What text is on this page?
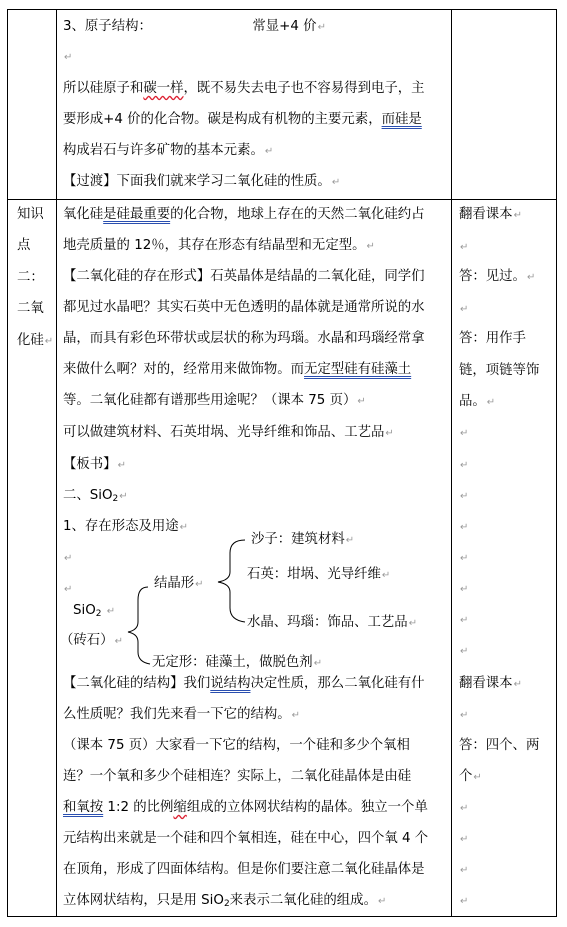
3、原子结构：	常显+4 价↵
↵
所以硅原子和碳一样，既不易失去电子也不容易得到电子，主
要形成+4 价的化合物。碳是构成有机物的主要元素，而硅是
构成岩石与许多矿物的基本元素。↵
【过渡】下面我们就来学习二氧化硅的性质。↵
知识
点
二：
二氧
化硅↵
氧化硅是硅最重要的化合物，地球上存在的天然二氧化硅约占
地壳质量的 12％，其存在形态有结晶型和无定型。↵
【二氧化硅的存在形式】石英晶体是结晶的二氧化硅，同学们
都见过水晶吧？其实石英中无色透明的晶体就是通常所说的水
晶，而具有彩色环带状或层状的称为玛瑙。水晶和玛瑙经常拿
来做什么啊？对的，经常用来做饰物。而无定型硅有硅藻土
等。二氧化硅都有谱那些用途呢？（课本 75 页）↵
可以做建筑材料、石英坩埚、光导纤维和饰品、工艺品↵
【板书】↵
二、SiO$_2$↵
1、存在形态及用途↵
↵
↵
沙子：建筑材料↵
结晶形↵
石英：坩埚、光导纤维↵
SiO$_2$ ↵
（砖石）↵
水晶、玛瑙：饰品、工艺品↵
无定形：硅藻土，做脱色剂↵
【二氧化硅的结构】我们说结构决定性质，那么二氧化硅有什
么性质呢？我们先来看一下它的结构。↵
（课本 75 页）大家看一下它的结构，一个硅和多少个氧相
连？一个氧和多少个硅相连？实际上，二氧化硅晶体是由硅
和氧按 1:2 的比例缩组成的立体网状结构的晶体。独立一个单
元结构出来就是一个硅和四个氧相连，硅在中心，四个氧 4 个
在顶角，形成了四面体结构。但是你们要注意二氧化硅晶体是
立体网状结构，只是用 SiO$_2$来表示二氧化硅的组成。↵
翻看课本↵
↵
答：见过。↵
↵
答：用作手
链，项链等饰
品。↵
↵
↵
↵
↵
↵
↵
↵
↵
翻看课本↵
↵
答：四个、两
个↵
↵
↵
↵
↵
